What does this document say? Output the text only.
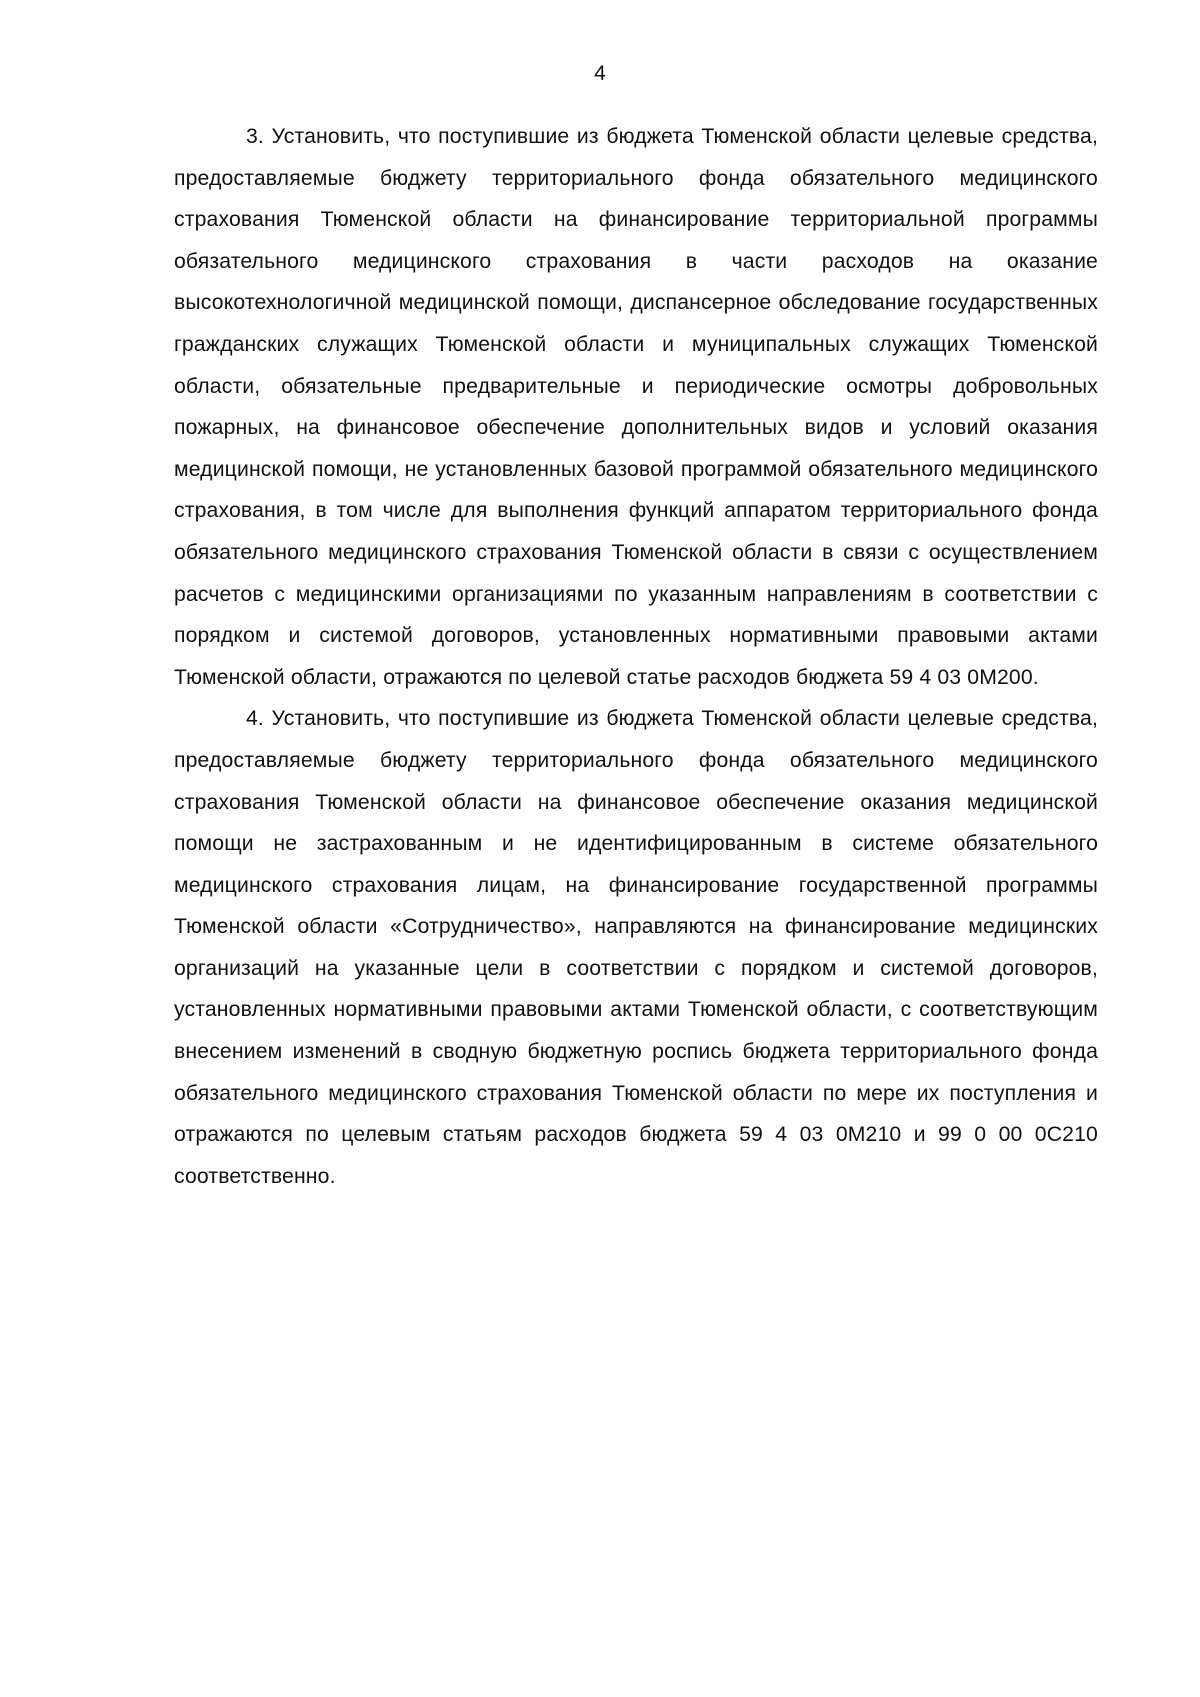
4

3. Установить, что поступившие из бюджета Тюменской области целевые средства, предоставляемые бюджету территориального фонда обязательного медицинского страхования Тюменской области на финансирование территориальной программы обязательного медицинского страхования в части расходов на оказание высокотехнологичной медицинской помощи, диспансерное обследование государственных гражданских служащих Тюменской области и муниципальных служащих Тюменской области, обязательные предварительные и периодические осмотры добровольных пожарных, на финансовое обеспечение дополнительных видов и условий оказания медицинской помощи, не установленных базовой программой обязательного медицинского страхования, в том числе для выполнения функций аппаратом территориального фонда обязательного медицинского страхования Тюменской области в связи с осуществлением расчетов с медицинскими организациями по указанным направлениям в соответствии с порядком и системой договоров, установленных нормативными правовыми актами Тюменской области, отражаются по целевой статье расходов бюджета 59 4 03 0М200.

4. Установить, что поступившие из бюджета Тюменской области целевые средства, предоставляемые бюджету территориального фонда обязательного медицинского страхования Тюменской области на финансовое обеспечение оказания медицинской помощи не застрахованным и не идентифицированным в системе обязательного медицинского страхования лицам, на финансирование государственной программы Тюменской области «Сотрудничество», направляются на финансирование медицинских организаций на указанные цели в соответствии с порядком и системой договоров, установленных нормативными правовыми актами Тюменской области, с соответствующим внесением изменений в сводную бюджетную роспись бюджета территориального фонда обязательного медицинского страхования Тюменской области по мере их поступления и отражаются по целевым статьям расходов бюджета 59 4 03 0М210 и 99 0 00 0С210 соответственно.
